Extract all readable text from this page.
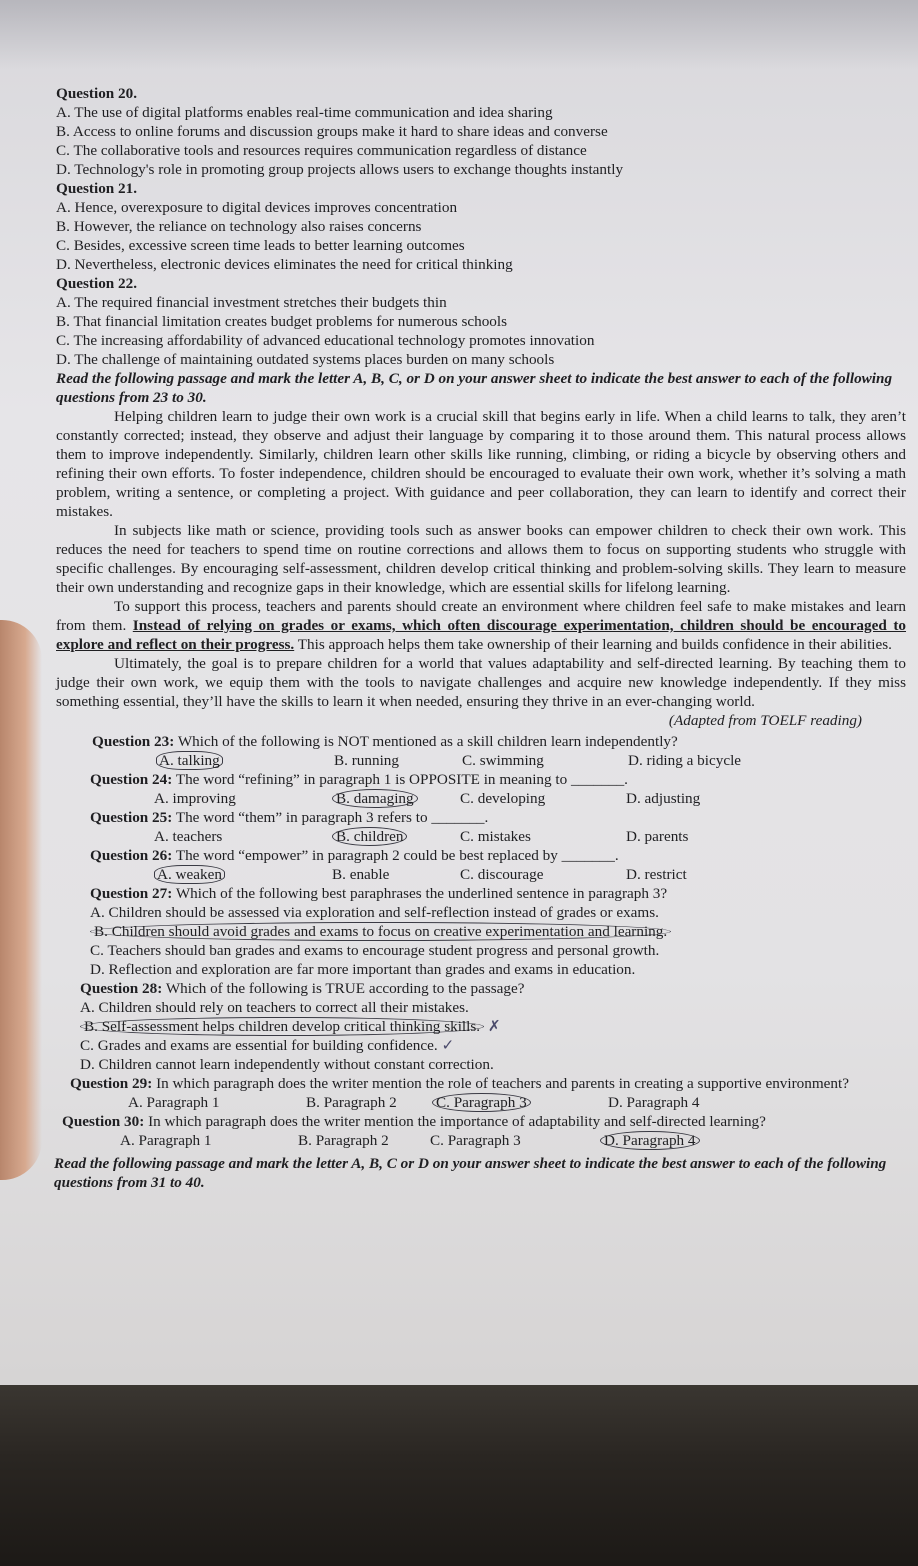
Question 20.

A. The use of digital platforms enables real-time communication and idea sharing

B. Access to online forums and discussion groups make it hard to share ideas and converse

C. The collaborative tools and resources requires communication regardless of distance

D. Technology's role in promoting group projects allows users to exchange thoughts instantly

Question 21.

A. Hence, overexposure to digital devices improves concentration

B. However, the reliance on technology also raises concerns

C. Besides, excessive screen time leads to better learning outcomes

D. Nevertheless, electronic devices eliminates the need for critical thinking

Question 22.

A. The required financial investment stretches their budgets thin

B. That financial limitation creates budget problems for numerous schools

C. The increasing affordability of advanced educational technology promotes innovation

D. The challenge of maintaining outdated systems places burden on many schools

Read the following passage and mark the letter A, B, C, or D on your answer sheet to indicate the best answer to each of the following questions from 23 to 30.

Helping children learn to judge their own work is a crucial skill that begins early in life. When a child learns to talk, they aren’t constantly corrected; instead, they observe and adjust their language by comparing it to those around them. This natural process allows them to improve independently. Similarly, children learn other skills like running, climbing, or riding a bicycle by observing others and refining their own efforts. To foster independence, children should be encouraged to evaluate their own work, whether it’s solving a math problem, writing a sentence, or completing a project. With guidance and peer collaboration, they can learn to identify and correct their mistakes.

In subjects like math or science, providing tools such as answer books can empower children to check their own work. This reduces the need for teachers to spend time on routine corrections and allows them to focus on supporting students who struggle with specific challenges. By encouraging self-assessment, children develop critical thinking and problem-solving skills. They learn to measure their own understanding and recognize gaps in their knowledge, which are essential skills for lifelong learning.

To support this process, teachers and parents should create an environment where children feel safe to make mistakes and learn from them. Instead of relying on grades or exams, which often discourage experimentation, children should be encouraged to explore and reflect on their progress. This approach helps them take ownership of their learning and builds confidence in their abilities.

Ultimately, the goal is to prepare children for a world that values adaptability and self-directed learning. By teaching them to judge their own work, we equip them with the tools to navigate challenges and acquire new knowledge independently. If they miss something essential, they’ll have the skills to learn it when needed, ensuring they thrive in an ever-changing world.

(Adapted from TOELF reading)

Question 23: Which of the following is NOT mentioned as a skill children learn independently?

A. talking	B. running	C. swimming	D. riding a bicycle

Question 24: The word “refining” in paragraph 1 is OPPOSITE in meaning to _______.

A. improving	B. damaging	C. developing	D. adjusting

Question 25: The word “them” in paragraph 3 refers to _______.

A. teachers	B. children	C. mistakes	D. parents

Question 26: The word “empower” in paragraph 2 could be best replaced by _______.

A. weaken	B. enable	C. discourage	D. restrict

Question 27: Which of the following best paraphrases the underlined sentence in paragraph 3?

A. Children should be assessed via exploration and self-reflection instead of grades or exams.

B. Children should avoid grades and exams to focus on creative experimentation and learning.

C. Teachers should ban grades and exams to encourage student progress and personal growth.

D. Reflection and exploration are far more important than grades and exams in education.

Question 28: Which of the following is TRUE according to the passage?

A. Children should rely on teachers to correct all their mistakes.

B. Self-assessment helps children develop critical thinking skills. ✗

C. Grades and exams are essential for building confidence. ✓

D. Children cannot learn independently without constant correction.

Question 29: In which paragraph does the writer mention the role of teachers and parents in creating a supportive environment?

A. Paragraph 1	B. Paragraph 2	C. Paragraph 3	D. Paragraph 4

Question 30: In which paragraph does the writer mention the importance of adaptability and self-directed learning?

A. Paragraph 1	B. Paragraph 2	C. Paragraph 3	D. Paragraph 4

Read the following passage and mark the letter A, B, C or D on your answer sheet to indicate the best answer to each of the following questions from 31 to 40.
